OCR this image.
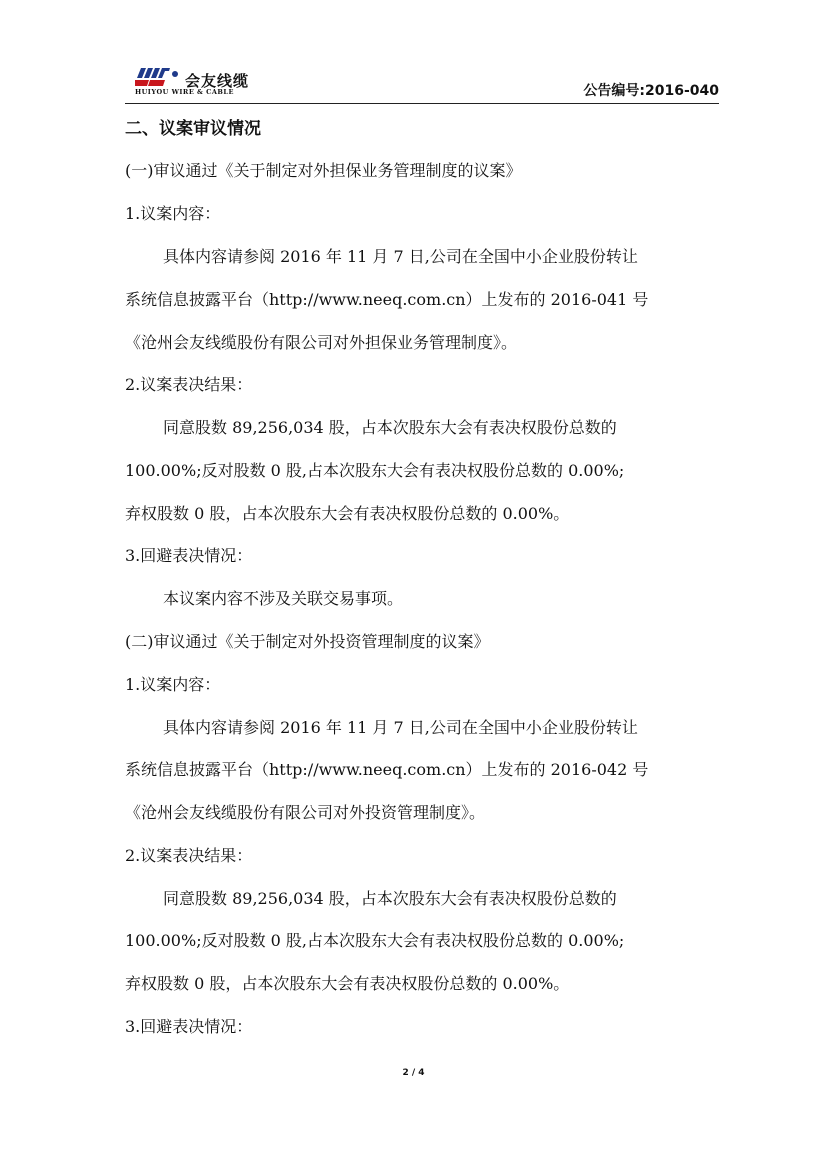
会友线缆
HUIYOU WIRE & CABLE	公告编号:2016-040
二、议案审议情况
(一)审议通过《关于制定对外担保业务管理制度的议案》
1.议案内容：
具体内容请参阅 2016 年 11 月 7 日,公司在全国中小企业股份转让
系统信息披露平台（http://www.neeq.com.cn）上发布的 2016-041 号
《沧州会友线缆股份有限公司对外担保业务管理制度》。
2.议案表决结果：
同意股数 89,256,034 股，占本次股东大会有表决权股份总数的
100.00%;反对股数 0 股,占本次股东大会有表决权股份总数的 0.00%;
弃权股数 0 股，占本次股东大会有表决权股份总数的 0.00%。
3.回避表决情况：
本议案内容不涉及关联交易事项。
(二)审议通过《关于制定对外投资管理制度的议案》
1.议案内容：
具体内容请参阅 2016 年 11 月 7 日,公司在全国中小企业股份转让
系统信息披露平台（http://www.neeq.com.cn）上发布的 2016-042 号
《沧州会友线缆股份有限公司对外投资管理制度》。
2.议案表决结果：
同意股数 89,256,034 股，占本次股东大会有表决权股份总数的
100.00%;反对股数 0 股,占本次股东大会有表决权股份总数的 0.00%;
弃权股数 0 股，占本次股东大会有表决权股份总数的 0.00%。
3.回避表决情况：
2 / 4
